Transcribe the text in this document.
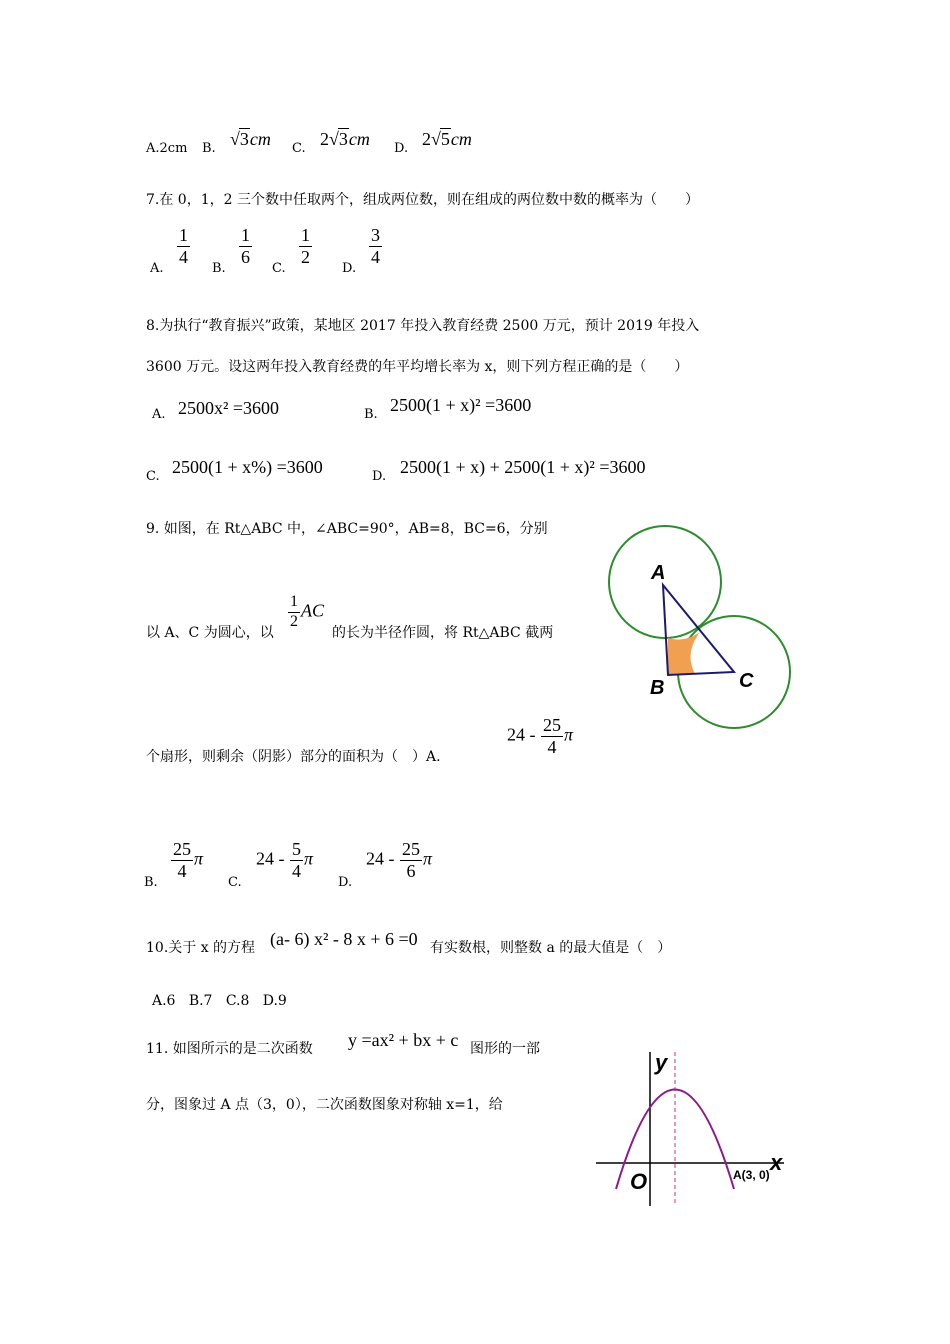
A.2cm B. √3cm C. 2√3cm D. 2√5cm
7.在 0，1，2 三个数中任取两个，组成两位数，则在组成的两位数中数的概率为（　　）
A.
$\frac{1}{4}$
B.
$\frac{1}{6}$
C.
$\frac{1}{2}$
D.
$\frac{3}{4}$
8.为执行“教育振兴”政策，某地区 2017 年投入教育经费 2500 万元，预计 2019 年投入
3600 万元。设这两年投入教育经费的年平均增长率为 x，则下列方程正确的是（　　）
A. 2500x² =3600	B. 2500(1 + x)² =3600
C. 2500(1 + x%) =3600	D. 2500(1 + x) + 2500(1 + x)² =3600
9. 如图，在 Rt△ABC 中，∠ABC=90°，AB=8，BC=6，分别
以 A、C 为圆心，以
$\frac{1}{2}$ AC
的长为半径作圆，将 Rt△ABC 截两
个扇形，则剩余（阴影）部分的面积为（　）A.
$24 - \frac{25}{4}$ π
B.
$\frac{25}{4}$ π
C.
$24 - \frac{5}{4}$ π
D.
$24 - \frac{25}{6}$ π
A
B	C
10.关于 x 的方程 (a- 6) x² - 8 x + 6 =0 有实数根，则整数 a 的最大值是（　）
A.6   B.7   C.8   D.9
11. 如图所示的是二次函数 y =ax² + bx + c 图形的一部
分，图象过 A 点（3，0），二次函数图象对称轴 x=1，给
y
x
O	A(3, 0)
